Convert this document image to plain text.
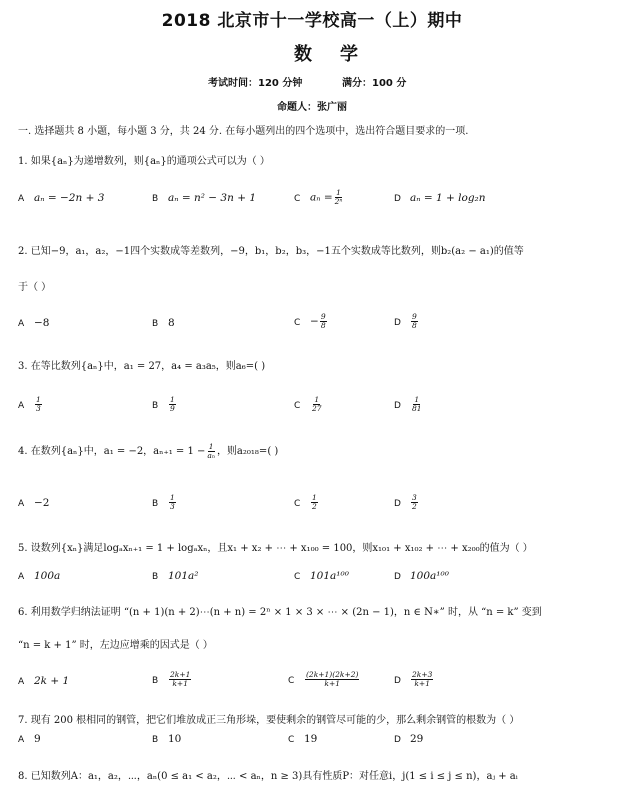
2018 北京市十一学校高一（上）期中
数学
考试时间：120 分钟	满分：100 分
命题人：张广丽
一. 选择题共 8 小题，每小题 3 分，共 24 分. 在每小题列出的四个选项中，选出符合题目要求的一项.
1. 如果{aₙ}为递增数列，则{aₙ}的通项公式可以为（ ）
A aₙ = −2n + 3	B aₙ = n² − 3n + 1	C $a_n = \frac{1}{\text{2ⁿ}}$	D aₙ = 1 + log₂n
2. 已知−9，a₁，a₂，−1四个实数成等差数列，−9，b₁，b₂，b₃，−1五个实数成等比数列，则b₂(a₂ − a₁)的值等
于（ ）
A −8	B 8	$C - \frac{9}{8}$	D $\frac{9}{8}$
3. 在等比数列{aₙ}中，a₁ = 27，a₄ = a₃a₅，则a₆=( )
A $\frac{1}{3}$	B $\frac{1}{9}$	C $\frac{1}{27}$	D $\frac{1}{81}$
4. 在数列{aₙ}中，a₁ = −2，$a_{n+1} = 1 - \frac{1}{\text{aₙ}}$ ，则a₂₀₁₈=( )
A −2	B $\frac{1}{3}$	C $\frac{1}{2}$	D $\frac{3}{2}$
5. 设数列{xₙ}满足logₐxₙ₊₁ = 1 + logₐxₙ，且x₁ + x₂ + ⋯ + x₁₀₀ = 100，则x₁₀₁ + x₁₀₂ + ⋯ + x₂₀₀的值为（ ）
A 100a	B 101a²	C 101a¹⁰⁰	D 100a¹⁰⁰
6. 利用数学归纳法证明 “(n + 1)(n + 2)⋯(n + n) = 2ⁿ × 1 × 3 × ⋯ × (2n − 1)，n ∈ N∗” 时，从 “n = k” 变到
“n = k + 1” 时，左边应增乘的因式是（ ）
A 2k + 1	B $\frac{2k+1}{k+1}$	C $\frac{(2k+1)(2k+2)}{k+1}$	D $\frac{2k+3}{k+1}$
7. 现有 200 根相同的钢管，把它们堆放成正三角形垛，要使剩余的钢管尽可能的少，那么剩余钢管的根数为（ ）
A 9	B 10	C 19	D 29
8. 已知数列A：a₁，a₂，⋯，aₙ(0 ≤ a₁ < a₂，⋯ < aₙ，n ≥ 3)具有性质P：对任意i，j(1 ≤ i ≤ j ≤ n)，aⱼ + aᵢ
